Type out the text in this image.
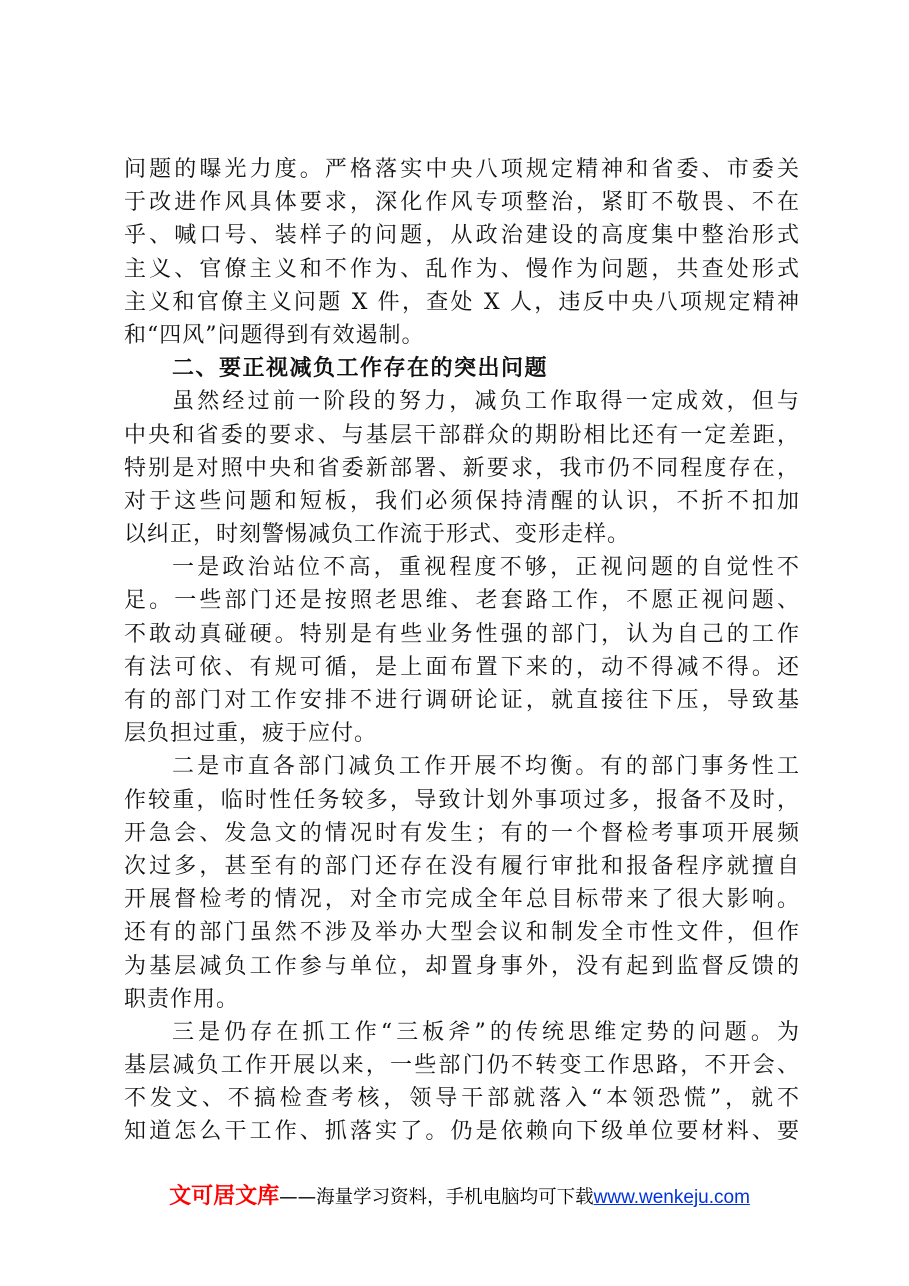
问题的曝光力度。严格落实中央八项规定精神和省委、市委关
于改进作风具体要求，深化作风专项整治，紧盯不敬畏、不在
乎、喊口号、装样子的问题，从政治建设的高度集中整治形式
主义、官僚主义和不作为、乱作为、慢作为问题，共查处形式
主义和官僚主义问题 X 件，查处 X 人，违反中央八项规定精神
和“四风”问题得到有效遏制。
二、要正视减负工作存在的突出问题
虽然经过前一阶段的努力，减负工作取得一定成效，但与
中央和省委的要求、与基层干部群众的期盼相比还有一定差距，
特别是对照中央和省委新部署、新要求，我市仍不同程度存在，
对于这些问题和短板，我们必须保持清醒的认识，不折不扣加
以纠正，时刻警惕减负工作流于形式、变形走样。
一是政治站位不高，重视程度不够，正视问题的自觉性不
足。一些部门还是按照老思维、老套路工作，不愿正视问题、
不敢动真碰硬。特别是有些业务性强的部门，认为自己的工作
有法可依、有规可循，是上面布置下来的，动不得减不得。还
有的部门对工作安排不进行调研论证，就直接往下压，导致基
层负担过重，疲于应付。
二是市直各部门减负工作开展不均衡。有的部门事务性工
作较重，临时性任务较多，导致计划外事项过多，报备不及时，
开急会、发急文的情况时有发生；有的一个督检考事项开展频
次过多，甚至有的部门还存在没有履行审批和报备程序就擅自
开展督检考的情况，对全市完成全年总目标带来了很大影响。
还有的部门虽然不涉及举办大型会议和制发全市性文件，但作
为基层减负工作参与单位，却置身事外，没有起到监督反馈的
职责作用。
三是仍存在抓工作“三板斧”的传统思维定势的问题。为
基层减负工作开展以来，一些部门仍不转变工作思路，不开会、
不发文、不搞检查考核，领导干部就落入“本领恐慌”，就不
知道怎么干工作、抓落实了。仍是依赖向下级单位要材料、要
文可居文库——海量学习资料，手机电脑均可下载www.wenkeju.com
